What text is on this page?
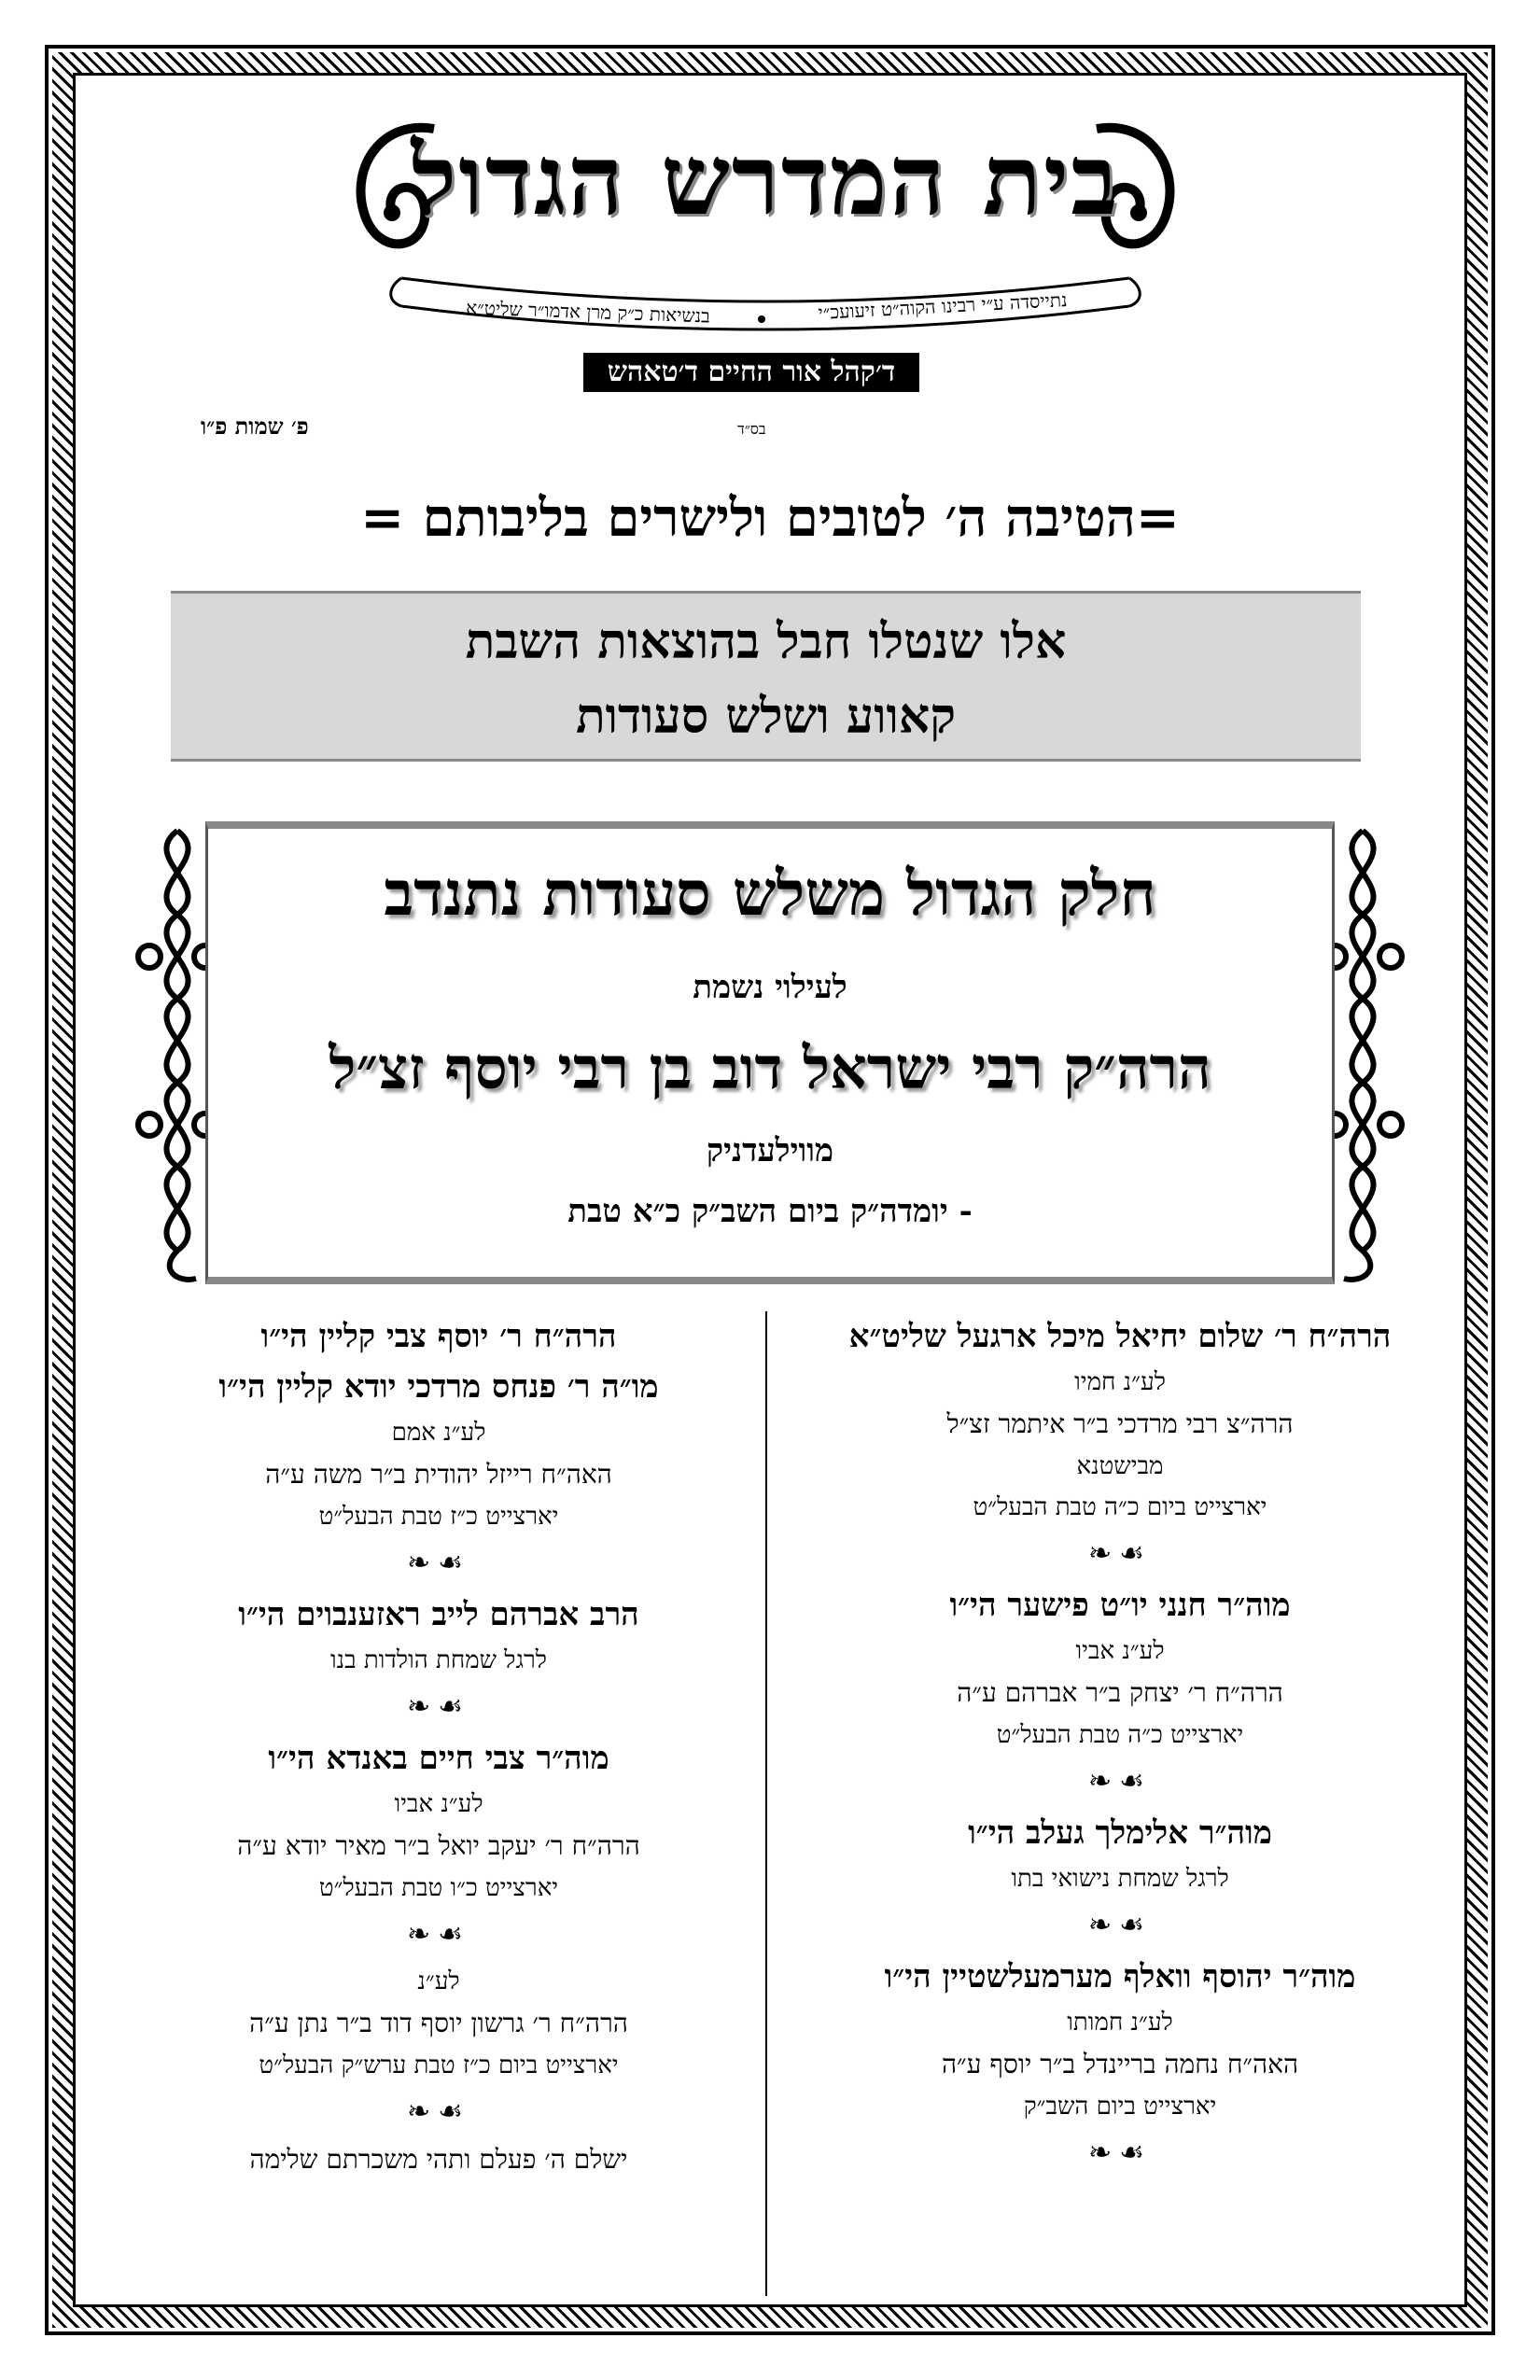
בית המדרש הגדול
ד׳קהל אור החיים ד׳טאהש
נתייסדה ע״י רבינו הקוה״ט זיעועכ״י
בנשיאות כ״ק מרן אדמו״ר שליט״א
בס״ד
פ׳ שמות פ״ו
=הטיבה ה׳ לטובים ולישרים בליבותם =
אלו שנטלו חבל בהוצאות השבת
קאווע ושלש סעודות
חלק הגדול משלש סעודות נתנדב
לעילוי נשמת
הרה״ק רבי ישראל דוב בן רבי יוסף זצ״ל
מווילעדניק
- יומדה״ק ביום השב״ק כ״א טבת
הרה״ח ר׳ שלום יחיאל מיכל ארגעל שליט״א
לע״נ חמיו
הרה״צ רבי מרדכי ב״ר איתמר זצ״ל
מבישטנא
יארצייט ביום כ״ה טבת הבעל״ט
☙❧
מוה״ר חנני יו״ט פישער הי״ו
לע״נ אביו
הרה״ח ר׳ יצחק ב״ר אברהם ע״ה
יארצייט כ״ה טבת הבעל״ט
☙❧
מוה״ר אלימלך געלב הי״ו
לרגל שמחת נישואי בתו
☙❧
מוה״ר יהוסף וואלף מערמעלשטיין הי״ו
לע״נ חמותו
האה״ח נחמה בריינדל ב״ר יוסף ע״ה
יארצייט ביום השב״ק
☙❧
הרה״ח ר׳ יוסף צבי קליין הי״ו
מו״ה ר׳ פנחס מרדכי יודא קליין הי״ו
לע״נ אמם
האה״ח רייזל יהודית ב״ר משה ע״ה
יארצייט כ״ז טבת הבעל״ט
☙❧
הרב אברהם לייב ראזענבוים הי״ו
לרגל שמחת הולדות בנו
☙❧
מוה״ר צבי חיים באנדא הי״ו
לע״נ אביו
הרה״ח ר׳ יעקב יואל ב״ר מאיר יודא ע״ה
יארצייט כ״ו טבת הבעל״ט
☙❧
לע״נ
הרה״ח ר׳ גרשון יוסף דוד ב״ר נתן ע״ה
יארצייט ביום כ״ז טבת ערש״ק הבעל״ט
☙❧
ישלם ה׳ פעלם ותהי משכרתם שלימה
